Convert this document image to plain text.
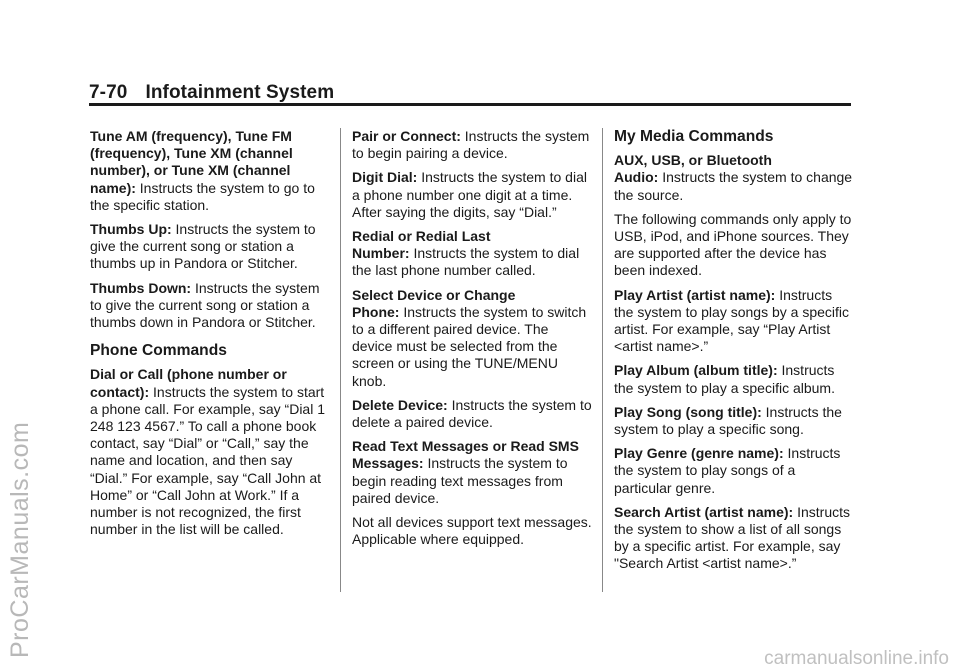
7-70 Infotainment System

Tune AM (frequency), Tune FM (frequency), Tune XM (channel number), or Tune XM (channel name): Instructs the system to go to the specific station.

Thumbs Up: Instructs the system to give the current song or station a thumbs up in Pandora or Stitcher.

Thumbs Down: Instructs the system to give the current song or station a thumbs down in Pandora or Stitcher.

Phone Commands

Dial or Call (phone number or contact): Instructs the system to start a phone call. For example, say “Dial 1 248 123 4567.” To call a phone book contact, say “Dial” or “Call,” say the name and location, and then say “Dial.” For example, say “Call John at Home” or “Call John at Work.” If a number is not recognized, the first number in the list will be called.

Pair or Connect: Instructs the system to begin pairing a device.

Digit Dial: Instructs the system to dial a phone number one digit at a time. After saying the digits, say “Dial.”

Redial or Redial Last Number: Instructs the system to dial the last phone number called.

Select Device or Change Phone: Instructs the system to switch to a different paired device. The device must be selected from the screen or using the TUNE/MENU knob.

Delete Device: Instructs the system to delete a paired device.

Read Text Messages or Read SMS Messages: Instructs the system to begin reading text messages from paired device.

Not all devices support text messages. Applicable where equipped.

My Media Commands

AUX, USB, or Bluetooth Audio: Instructs the system to change the source.

The following commands only apply to USB, iPod, and iPhone sources. They are supported after the device has been indexed.

Play Artist (artist name): Instructs the system to play songs by a specific artist. For example, say “Play Artist <artist name>.”

Play Album (album title): Instructs the system to play a specific album.

Play Song (song title): Instructs the system to play a specific song.

Play Genre (genre name): Instructs the system to play songs of a particular genre.

Search Artist (artist name): Instructs the system to show a list of all songs by a specific artist. For example, say "Search Artist <artist name>.”

ProCarManuals.com
carmanualsonline.info
